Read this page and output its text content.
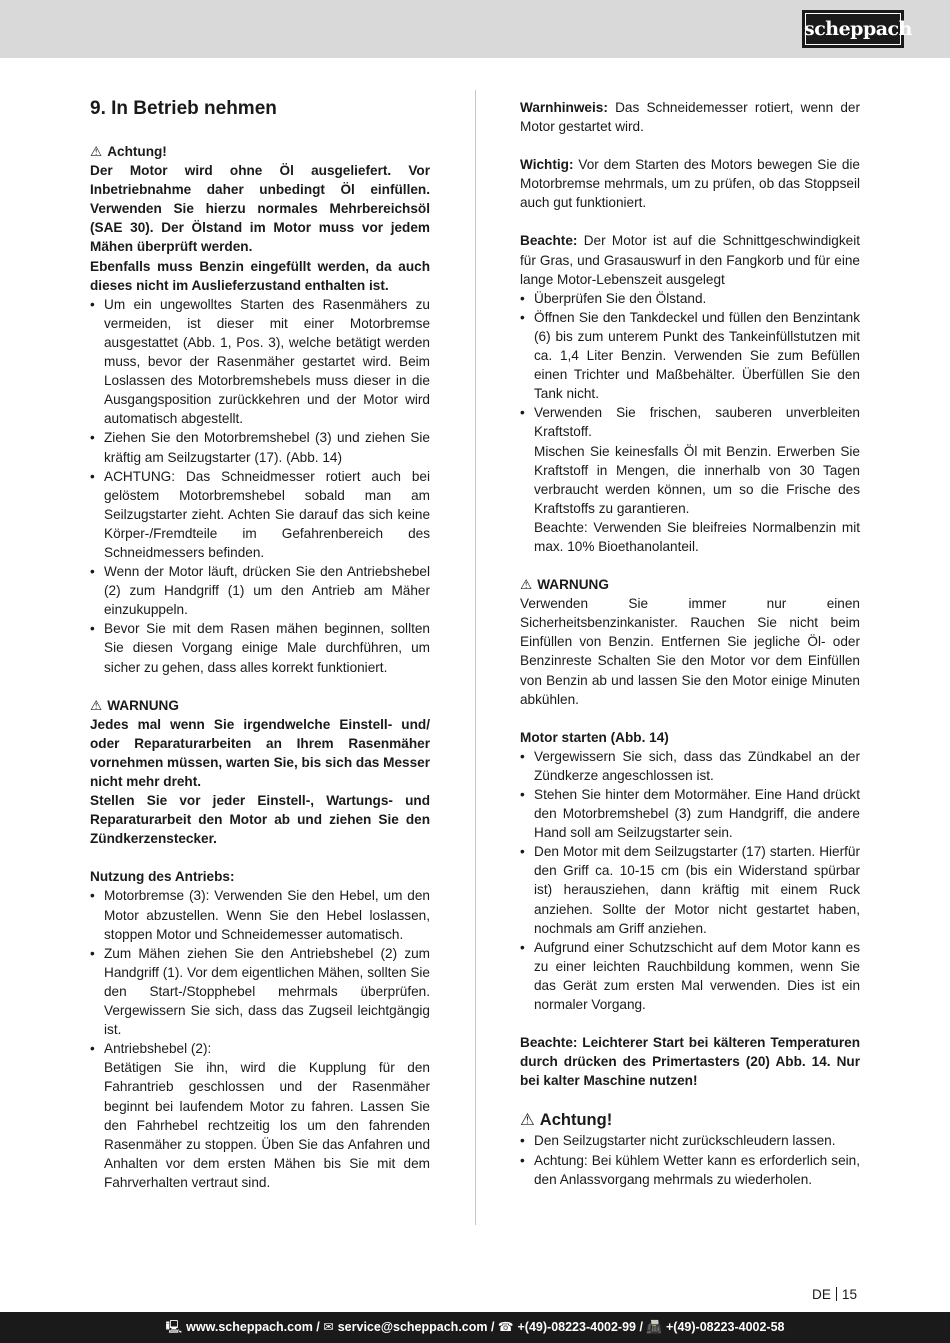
scheppach
9. In Betrieb nehmen
⚠ Achtung!

Der Motor wird ohne Öl ausgeliefert. Vor Inbetriebnahme daher unbedingt Öl einfüllen. Verwenden Sie hierzu normales Mehrbereichsöl (SAE 30). Der Ölstand im Motor muss vor jedem Mähen überprüft werden.

Ebenfalls muss Benzin eingefüllt werden, da auch dieses nicht im Auslieferzustand enthalten ist.

• Um ein ungewolltes Starten des Rasenmähers zu vermeiden, ist dieser mit einer Motorbremse ausgestattet (Abb. 1, Pos. 3), welche betätigt werden muss, bevor der Rasenmäher gestartet wird. Beim Loslassen des Motorbremshebels muss dieser in die Ausgangsposition zurückkehren und der Motor wird automatisch abgestellt.
• Ziehen Sie den Motorbremshebel (3) und ziehen Sie kräftig am Seilzugstarter (17). (Abb. 14)
• ACHTUNG: Das Schneidmesser rotiert auch bei gelöstem Motorbremshebel sobald man am Seilzugstarter zieht. Achten Sie darauf das sich keine Körper-/Fremdteile im Gefahrenbereich des Schneidmessers befinden.
• Wenn der Motor läuft, drücken Sie den Antriebshebel (2) zum Handgriff (1) um den Antrieb am Mäher einzukuppeln.
• Bevor Sie mit dem Rasen mähen beginnen, sollten Sie diesen Vorgang einige Male durchführen, um sicher zu gehen, dass alles korrekt funktioniert.
⚠ WARNUNG

Jedes mal wenn Sie irgendwelche Einstell- und/ oder Reparaturarbeiten an Ihrem Rasenmäher vornehmen müssen, warten Sie, bis sich das Messer nicht mehr dreht.

Stellen Sie vor jeder Einstell-, Wartungs- und Reparaturarbeit den Motor ab und ziehen Sie den Zündkerzenstecker.

Nutzung des Antriebs:
• Motorbremse (3): Verwenden Sie den Hebel, um den Motor abzustellen. Wenn Sie den Hebel loslassen, stoppen Motor und Schneidemesser automatisch.
• Zum Mähen ziehen Sie den Antriebshebel (2) zum Handgriff (1). Vor dem eigentlichen Mähen, sollten Sie den Start-/Stopphebel mehrmals überprüfen. Vergewissern Sie sich, dass das Zugseil leichtgängig ist.
• Antriebshebel (2):

Betätigen Sie ihn, wird die Kupplung für den Fahrantrieb geschlossen und der Rasenmäher beginnt bei laufendem Motor zu fahren. Lassen Sie den Fahrhebel rechtzeitig los um den fahrenden Rasenmäher zu stoppen. Üben Sie das Anfahren und Anhalten vor dem ersten Mähen bis Sie mit dem Fahrverhalten vertraut sind.

Warnhinweis: Das Schneidemesser rotiert, wenn der Motor gestartet wird.

Wichtig: Vor dem Starten des Motors bewegen Sie die Motorbremse mehrmals, um zu prüfen, ob das Stoppseil auch gut funktioniert.

Beachte: Der Motor ist auf die Schnittgeschwindigkeit für Gras, und Grasauswurf in den Fangkorb und für eine lange Motor-Lebenszeit ausgelegt

• Überprüfen Sie den Ölstand.
• Öffnen Sie den Tankdeckel und füllen den Benzintank (6) bis zum unterem Punkt des Tankeinfüllstutzen mit ca. 1,4 Liter Benzin. Verwenden Sie zum Befüllen einen Trichter und Maßbehälter. Überfüllen Sie den Tank nicht.
• Verwenden Sie frischen, sauberen unverbleiten Kraftstoff.

Mischen Sie keinesfalls Öl mit Benzin. Erwerben Sie Kraftstoff in Mengen, die innerhalb von 30 Tagen verbraucht werden können, um so die Frische des Kraftstoffs zu garantieren.

Beachte: Verwenden Sie bleifreies Normalbenzin mit max. 10% Bioethanolanteil.

⚠ WARNUNG

Verwenden Sie immer nur einen Sicherheitsbenzinkanister. Rauchen Sie nicht beim Einfüllen von Benzin. Entfernen Sie jegliche Öl- oder Benzinreste Schalten Sie den Motor vor dem Einfüllen von Benzin ab und lassen Sie den Motor einige Minuten abkühlen.

Motor starten (Abb. 14)
• Vergewissern Sie sich, dass das Zündkabel an der Zündkerze angeschlossen ist.
• Stehen Sie hinter dem Motormäher. Eine Hand drückt den Motorbremshebel (3) zum Handgriff, die andere Hand soll am Seilzugstarter sein.
• Den Motor mit dem Seilzugstarter (17) starten. Hierfür den Griff ca. 10-15 cm (bis ein Widerstand spürbar ist) herausziehen, dann kräftig mit einem Ruck anziehen. Sollte der Motor nicht gestartet haben, nochmals am Griff anziehen.
• Aufgrund einer Schutzschicht auf dem Motor kann es zu einer leichten Rauchbildung kommen, wenn Sie das Gerät zum ersten Mal verwenden. Dies ist ein normaler Vorgang.

Beachte: Leichterer Start bei kälteren Temperaturen durch drücken des Primertasters (20) Abb. 14. Nur bei kalter Maschine nutzen!

⚠ Achtung!
• Den Seilzugstarter nicht zurückschleudern lassen.
• Achtung: Bei kühlem Wetter kann es erforderlich sein, den Anlassvorgang mehrmals zu wiederholen.
DE 15
🖳 www.scheppach.com / ✉ service@scheppach.com / ☎ +(49)-08223-4002-99 / 📠 +(49)-08223-4002-58
